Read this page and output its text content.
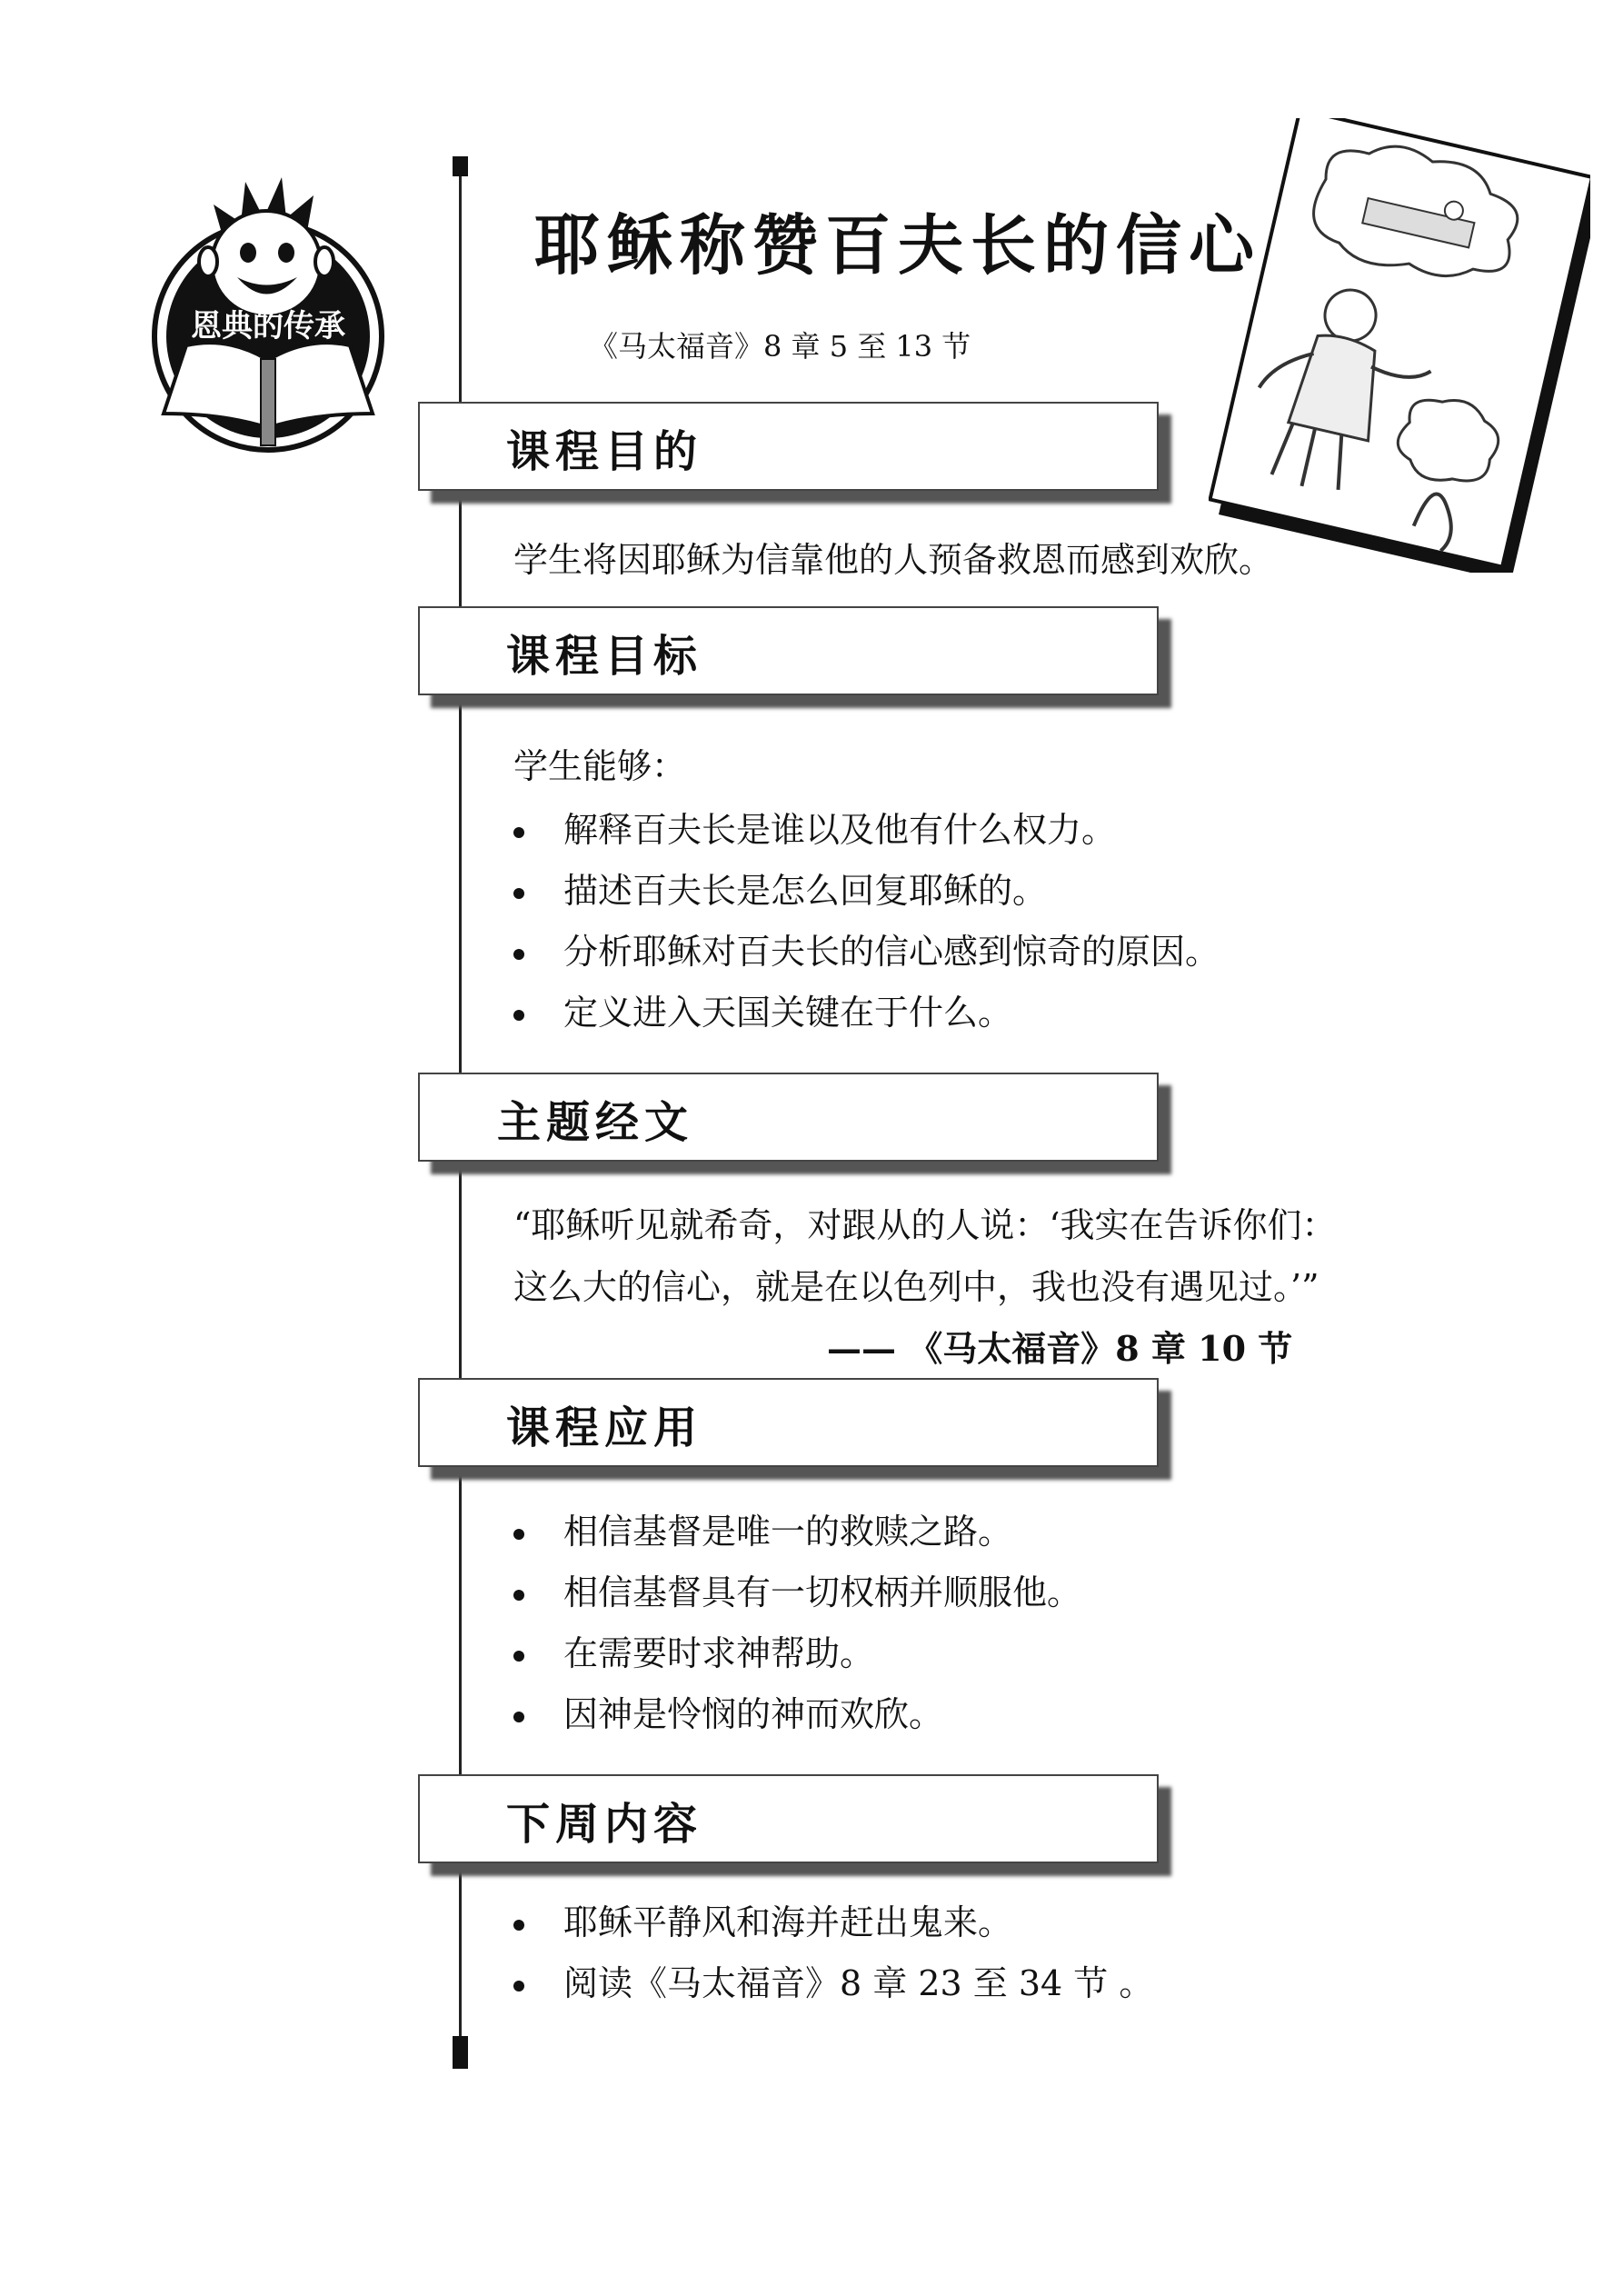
恩典的传承
耶稣称赞百夫长的信心
《马太福音》8 章 5 至 13 节
课程目的
学生将因耶稣为信靠他的人预备救恩而感到欢欣。
课程目标
学生能够：
解释百夫长是谁以及他有什么权力。
描述百夫长是怎么回复耶稣的。
分析耶稣对百夫长的信心感到惊奇的原因。
定义进入天国关键在于什么。
主题经文
“耶稣听见就希奇，对跟从的人说：‘我实在告诉你们：
这么大的信心，就是在以色列中，我也没有遇见过。’”
—— 《马太福音》8 章 10 节
课程应用
相信基督是唯一的救赎之路。
相信基督具有一切权柄并顺服他。
在需要时求神帮助。
因神是怜悯的神而欢欣。
下周内容
耶稣平静风和海并赶出鬼来。
阅读《马太福音》8 章 23 至 34 节 。
